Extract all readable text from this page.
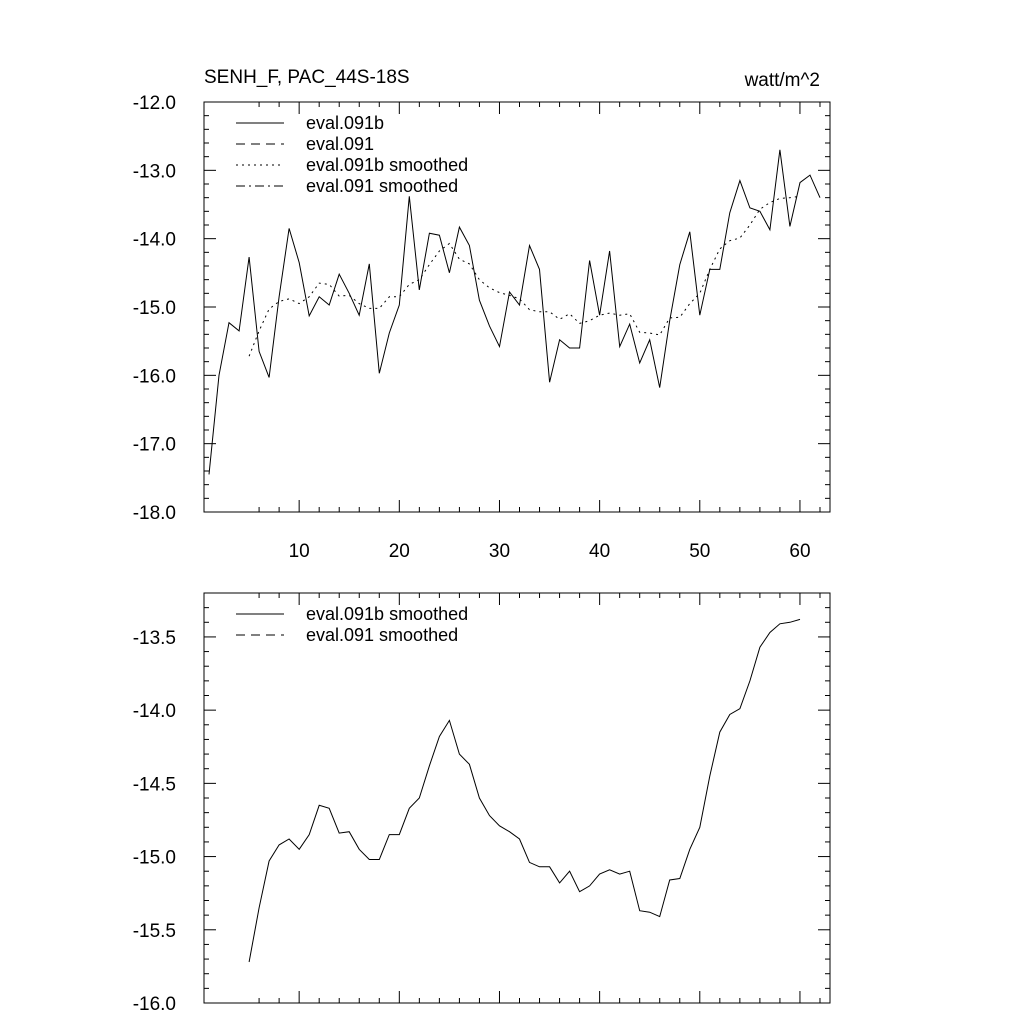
SENH_F, PAC_44S-18S	watt/m^2
10	20	30	40	50	60
-18.0
-17.0
-16.0
-15.0
-14.0
-13.0
-12.0
eval.091b
eval.091
eval.091b smoothed
eval.091 smoothed
-16.0
-15.5
-15.0
-14.5
-14.0
-13.5
eval.091b smoothed
eval.091 smoothed
